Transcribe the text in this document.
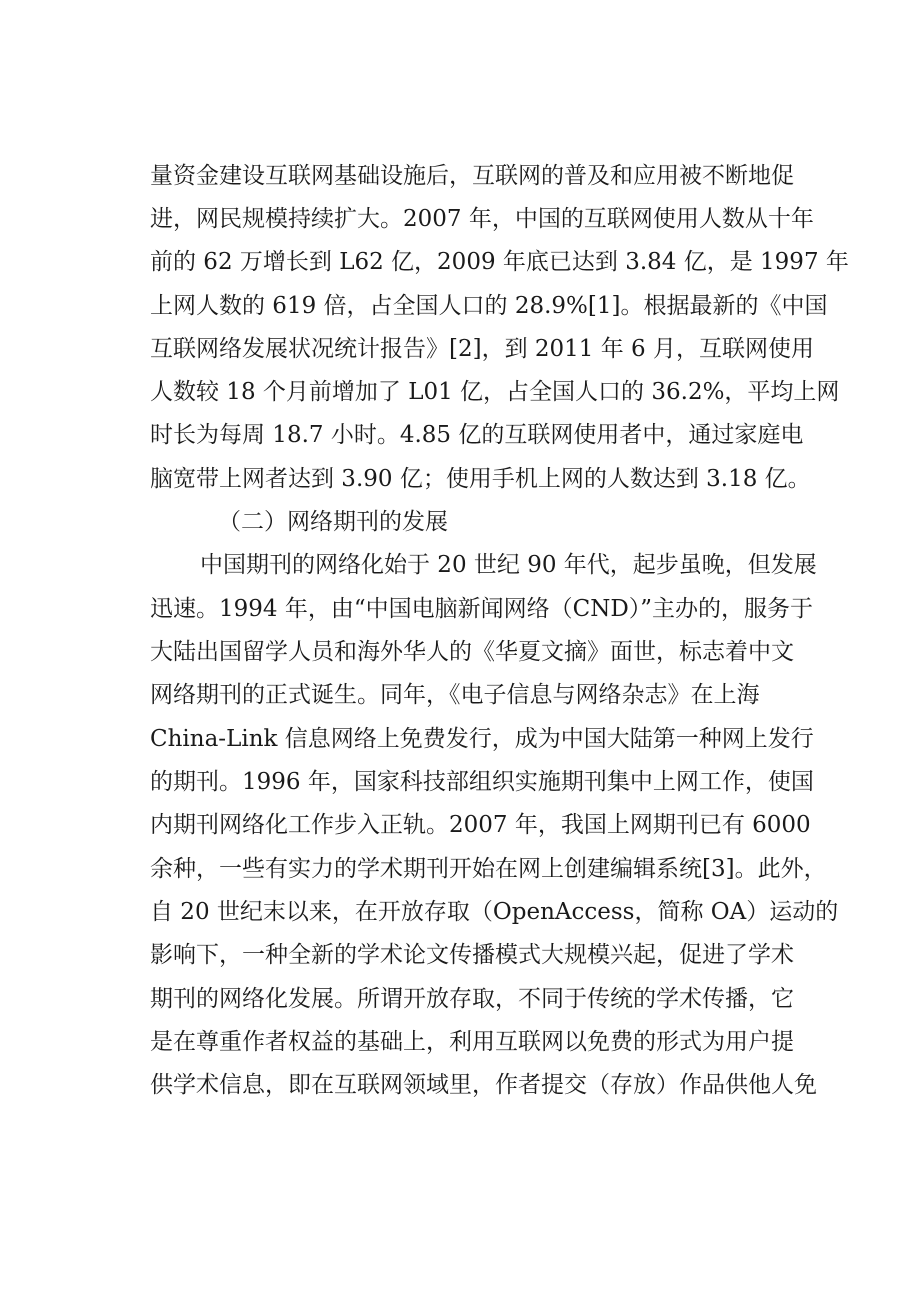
量资金建设互联网基础设施后，互联网的普及和应用被不断地促
进，网民规模持续扩大。2007 年，中国的互联网使用人数从十年
前的 62 万增长到 L62 亿，2009 年底已达到 3.84 亿，是 1997 年
上网人数的 619 倍，占全国人口的 28.9%[1]。根据最新的《中国
互联网络发展状况统计报告》[2]，到 2011 年 6 月，互联网使用
人数较 18 个月前增加了 L01 亿，占全国人口的 36.2%，平均上网
时长为每周 18.7 小时。4.85 亿的互联网使用者中，通过家庭电
脑宽带上网者达到 3.90 亿；使用手机上网的人数达到 3.18 亿。
（二）网络期刊的发展
中国期刊的网络化始于 20 世纪 90 年代，起步虽晚，但发展
迅速。1994 年，由“中国电脑新闻网络（CND）”主办的，服务于
大陆出国留学人员和海外华人的《华夏文摘》面世，标志着中文
网络期刊的正式诞生。同年，《电子信息与网络杂志》在上海
China-Link 信息网络上免费发行，成为中国大陆第一种网上发行
的期刊。1996 年，国家科技部组织实施期刊集中上网工作，使国
内期刊网络化工作步入正轨。2007 年，我国上网期刊已有 6000
余种，一些有实力的学术期刊开始在网上创建编辑系统[3]。此外，
自 20 世纪末以来，在开放存取（OpenAccess，简称 OA）运动的
影响下，一种全新的学术论文传播模式大规模兴起，促进了学术
期刊的网络化发展。所谓开放存取，不同于传统的学术传播，它
是在尊重作者权益的基础上，利用互联网以免费的形式为用户提
供学术信息，即在互联网领域里，作者提交（存放）作品供他人免
